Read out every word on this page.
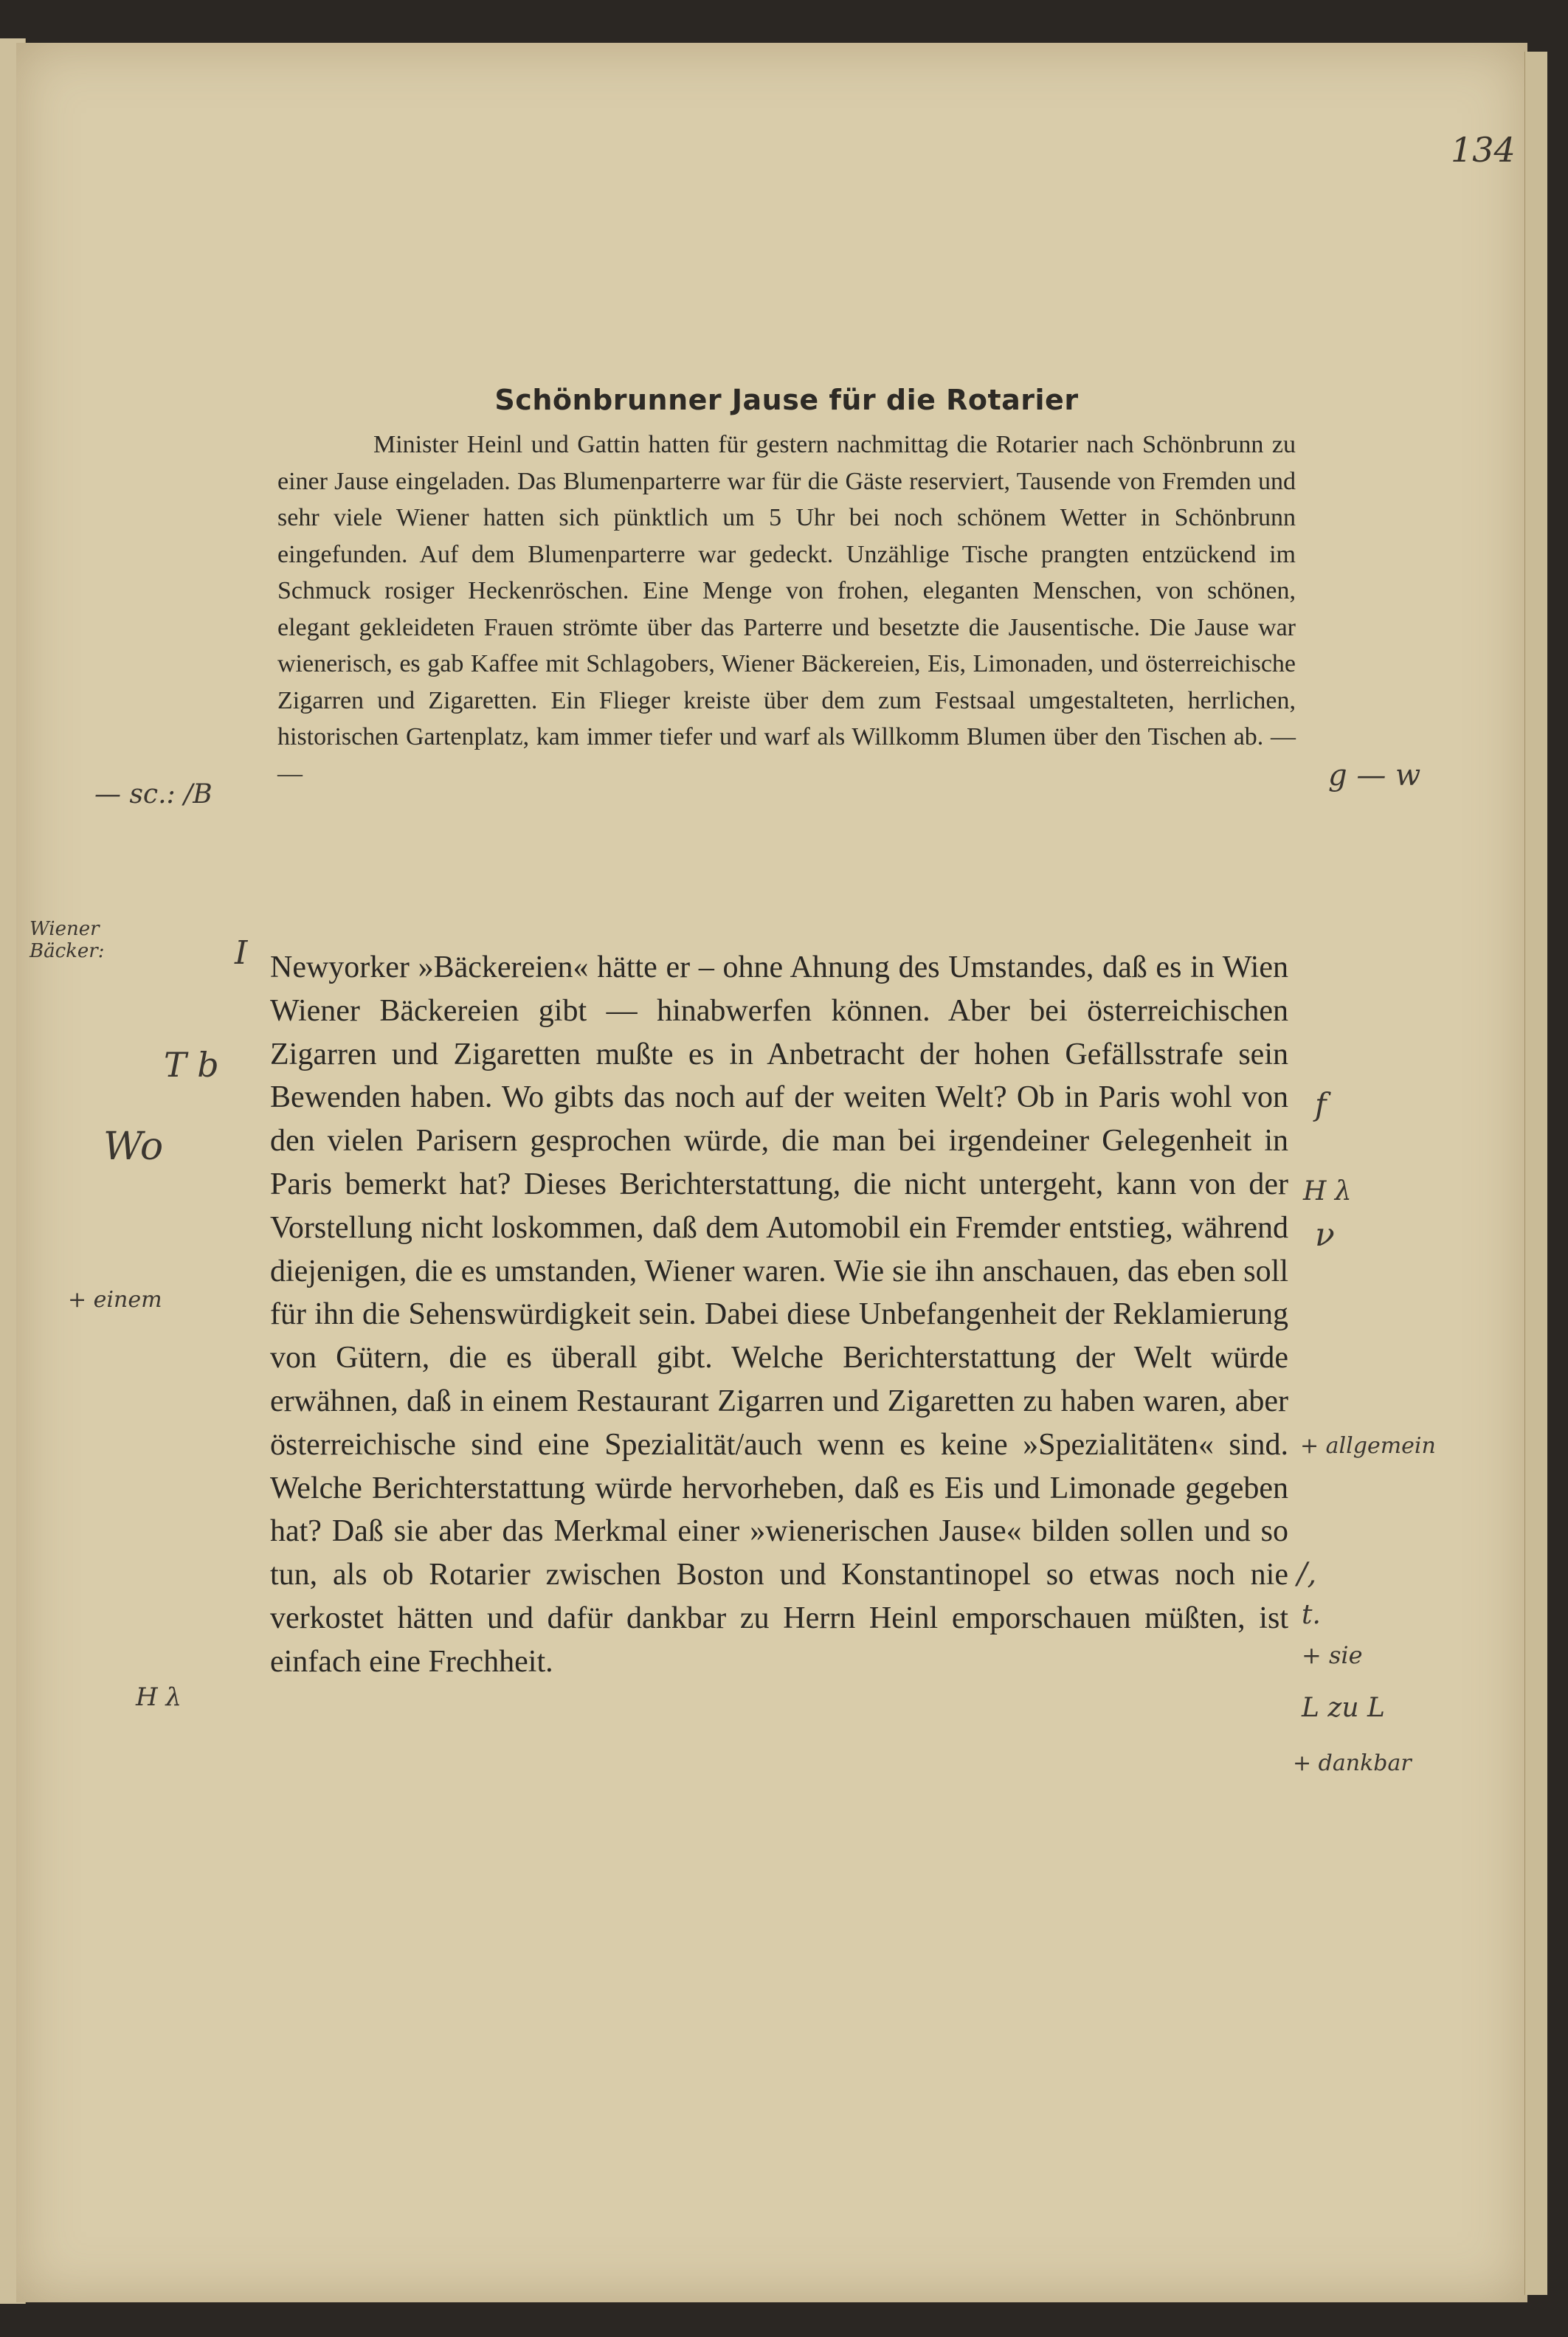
134
Schönbrunner Jause für die Rotarier

Minister Heinl und Gattin hatten für gestern nachmittag die Rotarier nach Schönbrunn zu einer Jause eingeladen. Das Blumenparterre war für die Gäste reserviert, Tausende von Fremden und sehr viele Wiener hatten sich pünktlich um 5 Uhr bei noch schönem Wetter in Schönbrunn eingefunden. Auf dem Blumenparterre war gedeckt. Unzählige Tische prangten entzückend im Schmuck rosiger Heckenröschen. Eine Menge von frohen, eleganten Menschen, von schönen, elegant gekleideten Frauen strömte über das Parterre und besetzte die Jausentische. Die Jause war wienerisch, es gab Kaffee mit Schlagobers, Wiener Bäckereien, Eis, Limonaden, und österreichische Zigarren und Zigaretten. Ein Flieger kreiste über dem zum Festsaal umgestalteten, herrlichen, historischen Gartenplatz, kam immer tiefer und warf als Willkomm Blumen über den Tischen ab. — —

Newyorker »Bäckereien« hätte er – ohne Ahnung des Umstandes, daß es in Wien Wiener Bäckereien gibt — hinabwerfen können. Aber bei österreichischen Zigarren und Zigaretten mußte es in Anbetracht der hohen Gefällsstrafe sein Bewenden haben. Wo gibts das noch auf der weiten Welt? Ob in Paris wohl von den vielen Parisern gesprochen würde, die man bei irgendeiner Gelegenheit in Paris bemerkt hat? Dieses Berichterstattung, die nicht untergeht, kann von der Vorstellung nicht loskommen, daß dem Automobil ein Fremder entstieg, während diejenigen, die es umstanden, Wiener waren. Wie sie ihn anschauen, das eben soll für ihn die Sehenswürdigkeit sein. Dabei diese Unbefangenheit der Reklamierung von Gütern, die es überall gibt. Welche Berichterstattung der Welt würde erwähnen, daß in einem Restaurant Zigarren und Zigaretten zu haben waren, aber österreichische sind eine Spezialität/auch wenn es keine »Spezialitäten« sind. Welche Berichterstattung würde hervorheben, daß es Eis und Limonade gegeben hat? Daß sie aber das Merkmal einer »wienerischen Jause« bilden sollen und so tun, als ob Rotarier zwischen Boston und Konstantinopel so etwas noch nie verkostet hätten und dafür dankbar zu Herrn Heinl emporschauen müßten, ist einfach eine Frechheit.

— sc.: /B
g — w
Wiener Bäcker:	I
T b
Wo
f
H λ
ν
+ einem
+ allgemein
/,
t.
H λ
+ sie
L zu L
+ dankbar
